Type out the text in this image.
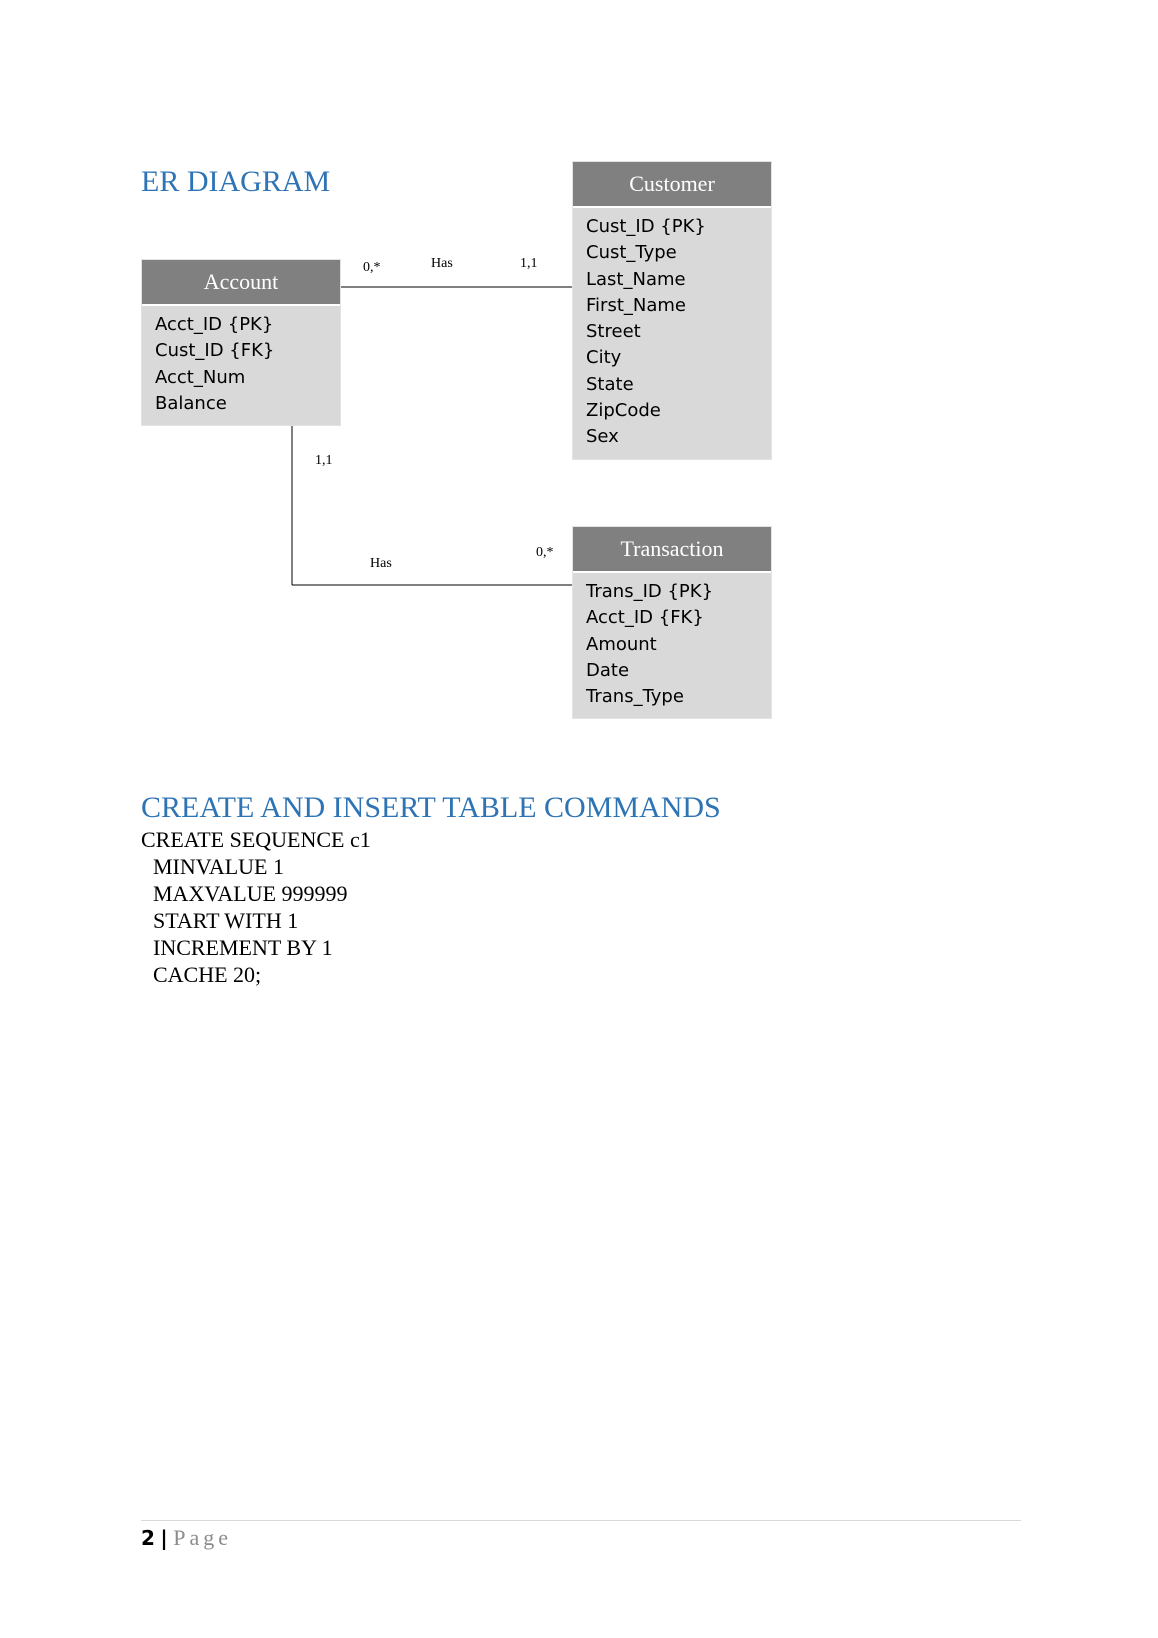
ER DIAGRAM
Account
Acct_ID {PK}
Cust_ID {FK}
Acct_Num
Balance
Customer
Cust_ID {PK}
Cust_Type
Last_Name
First_Name
Street
City
State
ZipCode
Sex
Transaction
Trans_ID {PK}
Acct_ID {FK}
Amount
Date
Trans_Type
0,*	Has	1,1
1,1
Has
0,*
CREATE AND INSERT TABLE COMMANDS
CREATE SEQUENCE c1
MINVALUE 1
MAXVALUE 999999
START WITH 1
INCREMENT BY 1
CACHE 20;
2 | Page
